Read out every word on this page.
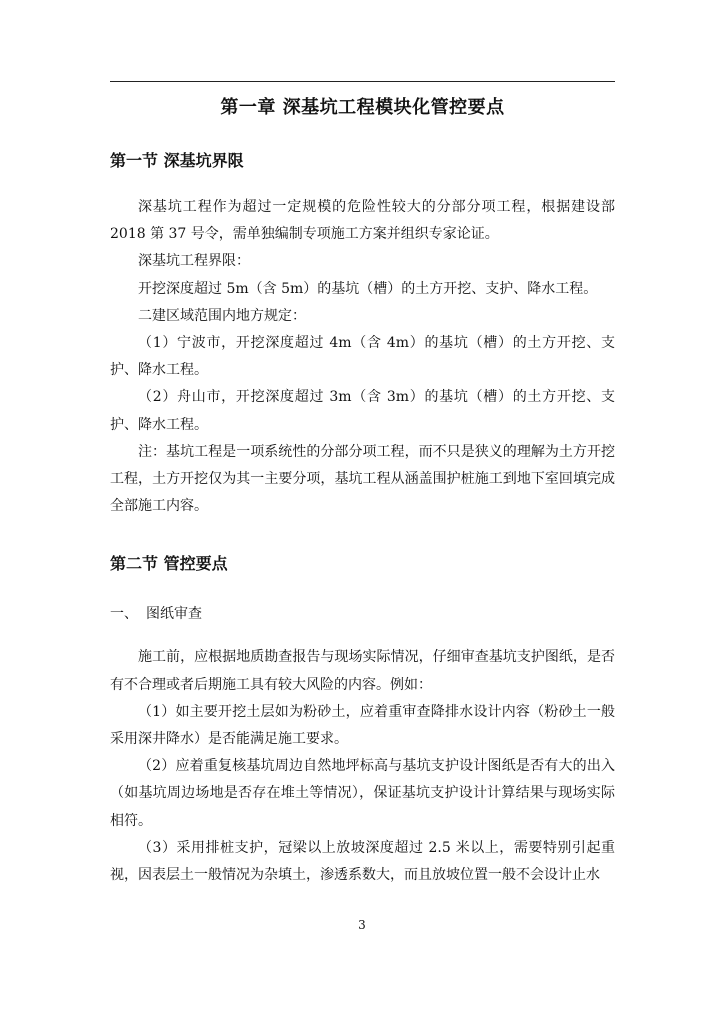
第一章 深基坑工程模块化管控要点
第一节 深基坑界限

深基坑工程作为超过一定规模的危险性较大的分部分项工程，根据建设部 2018 第 37 号令，需单独编制专项施工方案并组织专家论证。

深基坑工程界限：

开挖深度超过 5m（含 5m）的基坑（槽）的土方开挖、支护、降水工程。

二建区域范围内地方规定：

（1）宁波市，开挖深度超过 4m（含 4m）的基坑（槽）的土方开挖、支护、降水工程。

（2）舟山市，开挖深度超过 3m（含 3m）的基坑（槽）的土方开挖、支护、降水工程。

注：基坑工程是一项系统性的分部分项工程，而不只是狭义的理解为土方开挖工程，土方开挖仅为其一主要分项，基坑工程从涵盖围护桩施工到地下室回填完成全部施工内容。

第二节 管控要点
一、 图纸审查

施工前，应根据地质勘查报告与现场实际情况，仔细审查基坑支护图纸，是否有不合理或者后期施工具有较大风险的内容。例如：

（1）如主要开挖土层如为粉砂土，应着重审查降排水设计内容（粉砂土一般采用深井降水）是否能满足施工要求。

（2）应着重复核基坑周边自然地坪标高与基坑支护设计图纸是否有大的出入（如基坑周边场地是否存在堆土等情况），保证基坑支护设计计算结果与现场实际相符。

（3）采用排桩支护，冠梁以上放坡深度超过 2.5 米以上，需要特别引起重视，因表层土一般情况为杂填土，渗透系数大，而且放坡位置一般不会设计止水

3
